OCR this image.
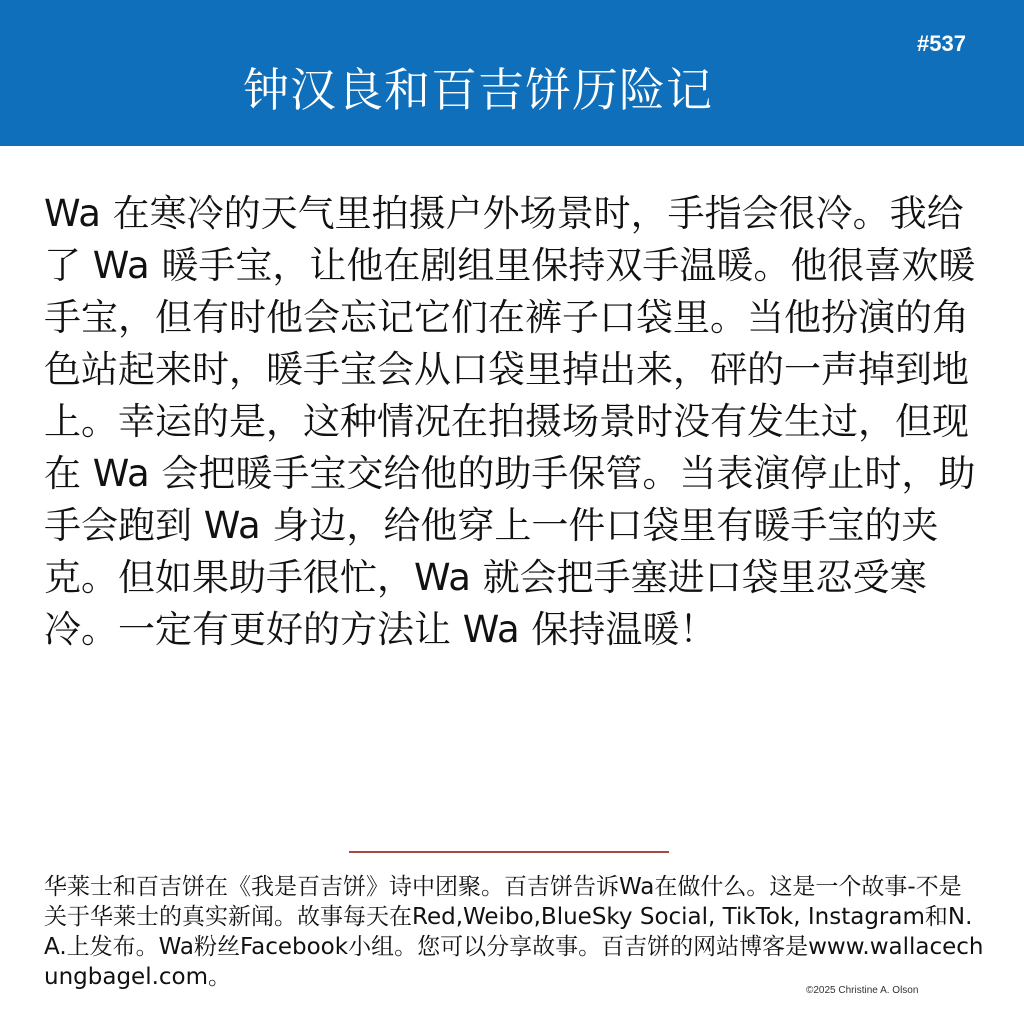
钟汉良和百吉饼历险记
#537

Wa 在寒冷的天气里拍摄户外场景时，手指会很冷。我给了 Wa 暖手宝，让他在剧组里保持双手温暖。他很喜欢暖手宝，但有时他会忘记它们在裤子口袋里。当他扮演的角色站起来时，暖手宝会从口袋里掉出来，砰的一声掉到地上。幸运的是，这种情况在拍摄场景时没有发生过，但现在 Wa 会把暖手宝交给他的助手保管。当表演停止时，助手会跑到 Wa 身边，给他穿上一件口袋里有暖手宝的夹克。但如果助手很忙，Wa 就会把手塞进口袋里忍受寒冷。一定有更好的方法让 Wa 保持温暖！

华莱士和百吉饼在《我是百吉饼》诗中团聚。百吉饼告诉Wa在做什么。这是一个故事-不是关于华莱士的真实新闻。故事每天在Red,Weibo,BlueSky Social, TikTok, Instagram和N.A.上发布。Wa粉丝Facebook小组。您可以分享故事。百吉饼的网站博客是www.wallacechungbagel.com。

©2025 Christine A. Olson
